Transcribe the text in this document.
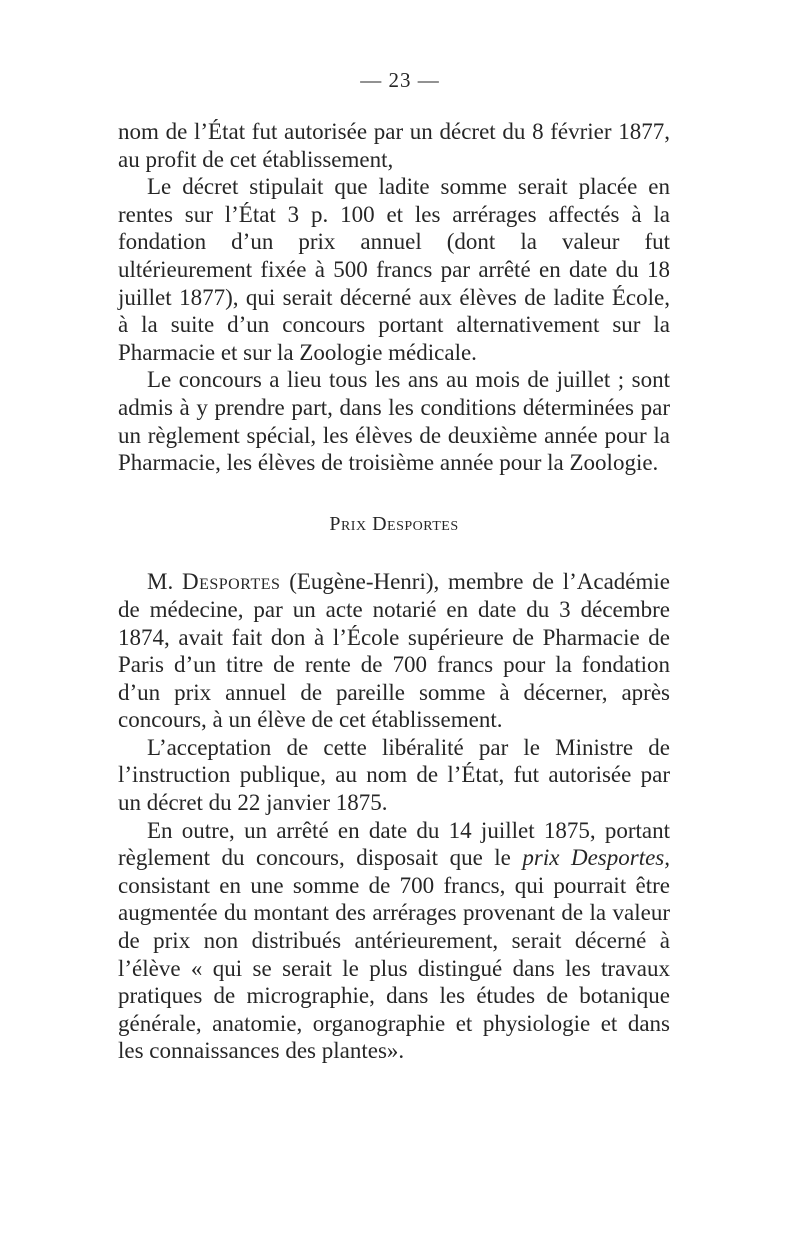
— 23 —

nom de l’État fut autorisée par un décret du 8 février 1877, au profit de cet établissement,

Le décret stipulait que ladite somme serait placée en rentes sur l’État 3 p. 100 et les arrérages affectés à la fondation d’un prix annuel (dont la valeur fut ultérieurement fixée à 500 francs par arrêté en date du 18 juillet 1877), qui serait décerné aux élèves de ladite École, à la suite d’un concours portant alternativement sur la Pharmacie et sur la Zoologie médicale.

Le concours a lieu tous les ans au mois de juillet ; sont admis à y prendre part, dans les conditions déterminées par un règlement spécial, les élèves de deuxième année pour la Pharmacie, les élèves de troisième année pour la Zoologie.

Prix Desportes

M. Desportes (Eugène-Henri), membre de l’Académie de médecine, par un acte notarié en date du 3 décembre 1874, avait fait don à l’École supérieure de Pharmacie de Paris d’un titre de rente de 700 francs pour la fondation d’un prix annuel de pareille somme à décerner, après concours, à un élève de cet établissement.

L’acceptation de cette libéralité par le Ministre de l’instruction publique, au nom de l’État, fut autorisée par un décret du 22 janvier 1875.

En outre, un arrêté en date du 14 juillet 1875, portant règlement du concours, disposait que le prix Desportes, consistant en une somme de 700 francs, qui pourrait être augmentée du montant des arrérages provenant de la valeur de prix non distribués antérieurement, serait décerné à l’élève « qui se serait le plus distingué dans les travaux pratiques de micrographie, dans les études de botanique générale, anatomie, organographie et physiologie et dans les connaissances des plantes».
